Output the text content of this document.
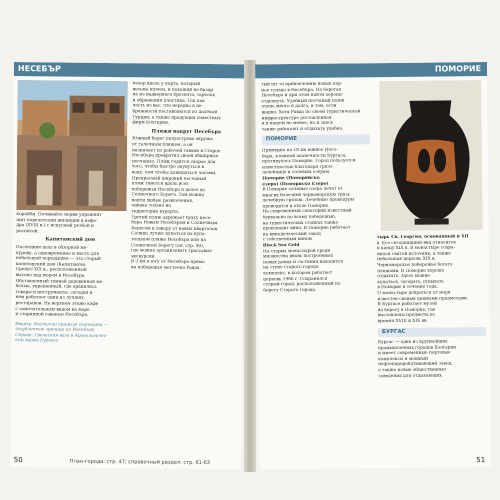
НЕСЕБЪР
корайби. Почивайте нерви упражнят
щит повечетелни жилищни в кафе-
дра (XVIII в.) с искусный резбой и
росписей.
Капитанский дом
Последняя цель в обзорной ме-
курову, а одновременно и место для
небольшой передышки — это старый
капитанский дом (Капитанска
Среща) XIX в., расположенный
высоко над морем в Несебъре.
Обставленный тёмной деревянной ме-
белью, украшенный, где хранились
товары и инструменты, сегодня в
нём работает один из лучших
ресторанов. На верхнем этаже кафе
с замечательным видом на море
и старинной гаванью Несебъра.
Вверху: Восточно кряжом скатерти —
загубленные границе на Несебъра
Справа: Греческая ваза в Археологичес-
ком музее Бургаса
базар вдоль у порта, который
весьма шумен, и похожий на базар
не из надворного брезента, тарелок
и обращения пластика. Так как
часть из вас, что нередко в не-
брежности поставляются из далёкой
Турции, а также продукция известных
фирм Болгарии.
Пляжи вокруг Несебъра
Южный берег полуострова окружа-
ет галечным пляжем, а он
назначает из рабочей гавани в Старое
Несебъра превратил своей обширные
песчаные. Пляж годится скорее для
того, чтобы быстро окунуться в
воду, чем чтобы дожидаться часами.
Прекрасный широкий песчаный
пляж тянется вдоль всех
побережья Несебъра и далее до
Солнечного Берега. Там можно
найти любые развлечения,
однако только на
территории курорта.
Третий пляж окружает бухту несе-
бъра Новым Несебъром и Солнечным
Берегом к северу от новых кварталов.
Солнце лучше купаться на купа-
тельном пляже Несебъра или на
Солнечном Берегу (см. стр. 40),
где можно организовать трассовые
экскурсии.
В 3 км к югу от Несебъра прямо
на побережье местечка Равда.
50	План-города: стр. 47; справочный раздел: стр. 61-63
ПОМОРИЕ
тый шт за привлечению новых пор-
ное только в Несебъра. На берегах
Несебъра и при этом найти хорошо
отдохнуть. Удобный песчаный пляж
очень много и долго, и там, если
жарко. Хотя Равда по своей туристической
инфраструктуре доставленная
и в нашем не менее, но и здесь
также работают и отдыхать удобно.
ПОМОРИЕ
Примерно на 18 км южнее Несе-
бъра, в южной оконечности Бургаса,
протянулось Поморие. Город пользуется
известностью благодаря грязе-
лечебнице и солевым озёрам.
Поморие (Поморийско
езеро) (Помориско Езеро)
В Поморие соляные озёра лечат от
многих болезней черноморскую грязь
лечебную грязью. Лечебные процедуры
проводятся в отеле Поморие.
На современный санаторий известный
буквально по всему побережью,
на туристических стойках также
производят вина. В Поморие работает
на винодельческий завод
с собственным вином
Black Sea Gold
На старых монастырей среди
множества вновь построенных
новых домах и гостиниц находятся
на стене старого города
комплекс, в котором работает
церковь 1966 г. Сохранился
старый город, расположенный по
берегу Старого города.
тырь Св. Георгия, основанный в ХII
в. Его сегодняшний вид относится
к концу XIX в. В монастыре сохра-
нился святой источник, а также
небольшая церковь XIX в.
Черноморское побережье богато
пляжами. В Поморие хорошо
отдыхать. Здесь можно
купаться, загорать, отдыхать
в Поморие в течение года.
О монастыре добраться от моря
известен своими ценными предметами.
В Бургасе работает музей
на берегу в Поморие, где
выставлены предметы из
времён XVIII и XIX вв.
БУРГАС
Бургас — одна из крупнейших
промышленных городов Болгарии
и имеет современные портовые
комплексы и мощный
нефтеперерабатывающий завод,
а также новые общественные
заведения для отдыхающих.
51
